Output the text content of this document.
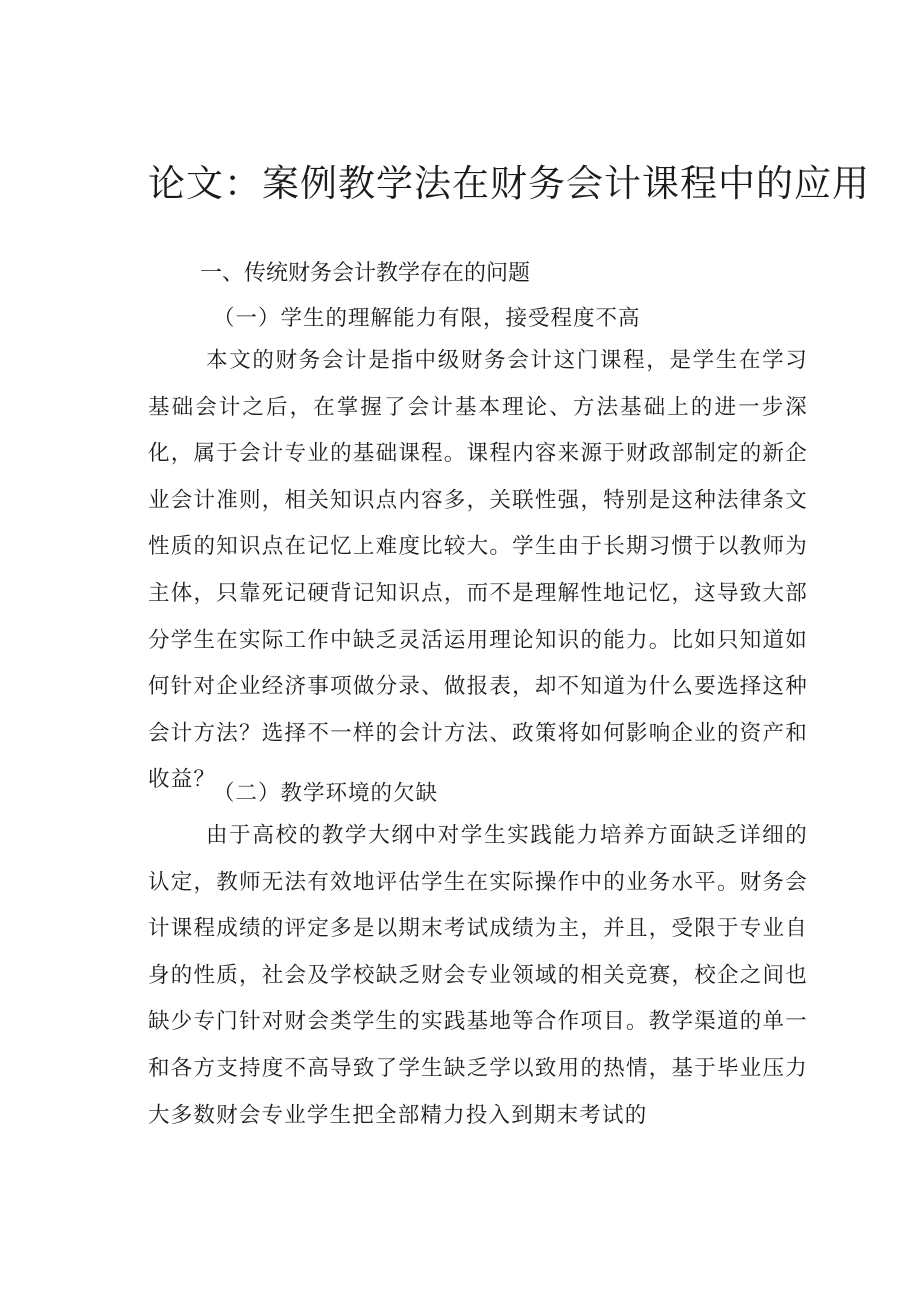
论文：案例教学法在财务会计课程中的应用
一、传统财务会计教学存在的问题
（一）学生的理解能力有限，接受程度不高

本文的财务会计是指中级财务会计这门课程，是学生在学习基础会计之后，在掌握了会计基本理论、方法基础上的进一步深化，属于会计专业的基础课程。课程内容来源于财政部制定的新企业会计准则，相关知识点内容多，关联性强，特别是这种法律条文性质的知识点在记忆上难度比较大。学生由于长期习惯于以教师为主体，只靠死记硬背记知识点，而不是理解性地记忆，这导致大部分学生在实际工作中缺乏灵活运用理论知识的能力。比如只知道如何针对企业经济事项做分录、做报表，却不知道为什么要选择这种会计方法？选择不一样的会计方法、政策将如何影响企业的资产和收益？

（二）教学环境的欠缺

由于高校的教学大纲中对学生实践能力培养方面缺乏详细的认定，教师无法有效地评估学生在实际操作中的业务水平。财务会计课程成绩的评定多是以期末考试成绩为主，并且，受限于专业自身的性质，社会及学校缺乏财会专业领域的相关竞赛，校企之间也缺少专门针对财会类学生的实践基地等合作项目。教学渠道的单一和各方支持度不高导致了学生缺乏学以致用的热情，基于毕业压力大多数财会专业学生把全部精力投入到期末考试的
